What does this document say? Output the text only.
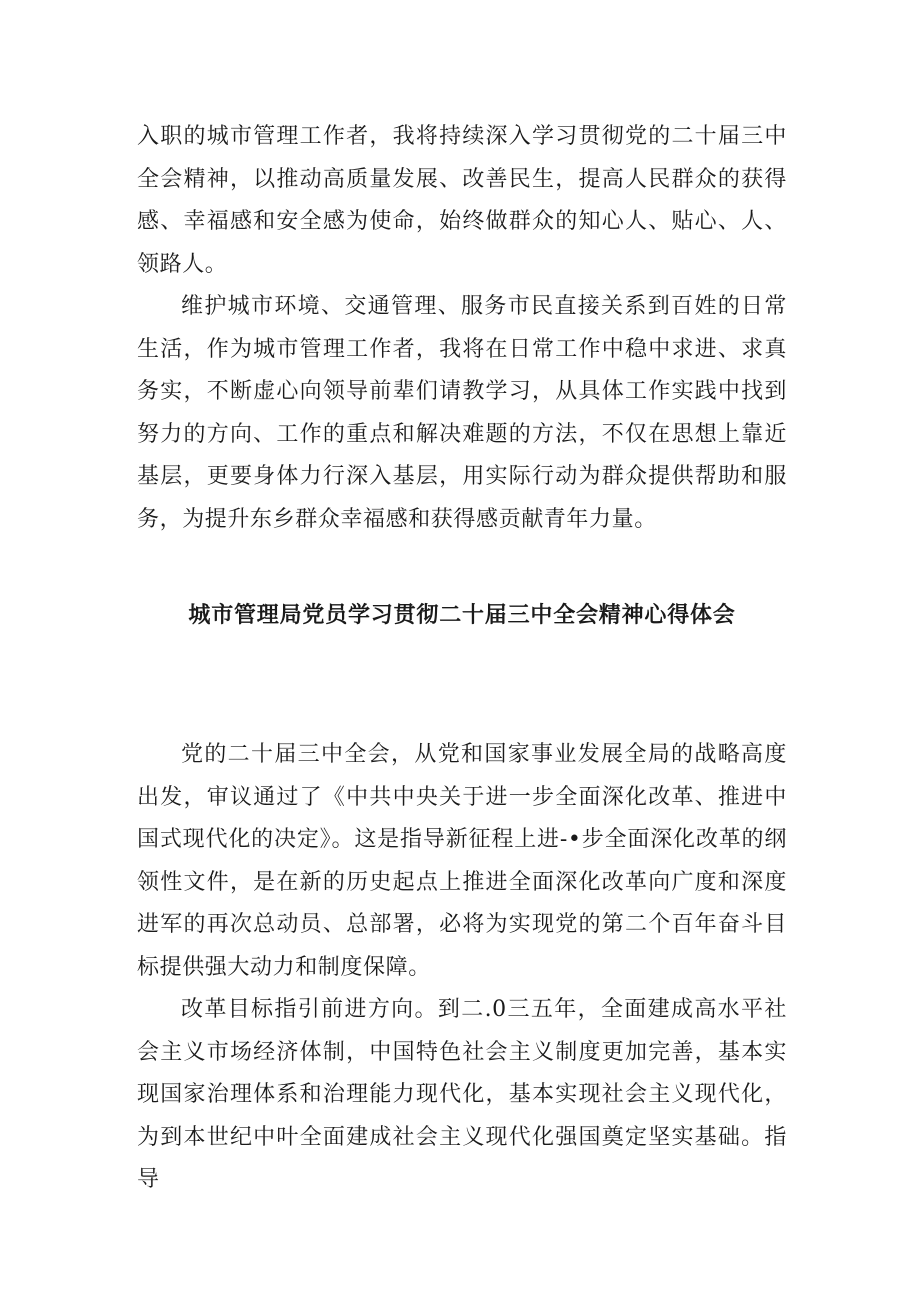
入职的城市管理工作者，我将持续深入学习贯彻党的二十届三中全会精神，以推动高质量发展、改善民生，提高人民群众的获得感、幸福感和安全感为使命，始终做群众的知心人、贴心、人、领路人。

维护城市环境、交通管理、服务市民直接关系到百姓的日常生活，作为城市管理工作者，我将在日常工作中稳中求进、求真务实，不断虚心向领导前辈们请教学习，从具体工作实践中找到努力的方向、工作的重点和解决难题的方法，不仅在思想上靠近基层，更要身体力行深入基层，用实际行动为群众提供帮助和服务，为提升东乡群众幸福感和获得感贡献青年力量。

城市管理局党员学习贯彻二十届三中全会精神心得体会

党的二十届三中全会，从党和国家事业发展全局的战略高度出发，审议通过了《中共中央关于进一步全面深化改革、推进中国式现代化的决定》。这是指导新征程上进-•步全面深化改革的纲领性文件，是在新的历史起点上推进全面深化改革向广度和深度进军的再次总动员、总部署，必将为实现党的第二个百年奋斗目标提供强大动力和制度保障。

改革目标指引前进方向。到二.0三五年，全面建成高水平社会主义市场经济体制，中国特色社会主义制度更加完善，基本实现国家治理体系和治理能力现代化，基本实现社会主义现代化，为到本世纪中叶全面建成社会主义现代化强国奠定坚实基础。指导
